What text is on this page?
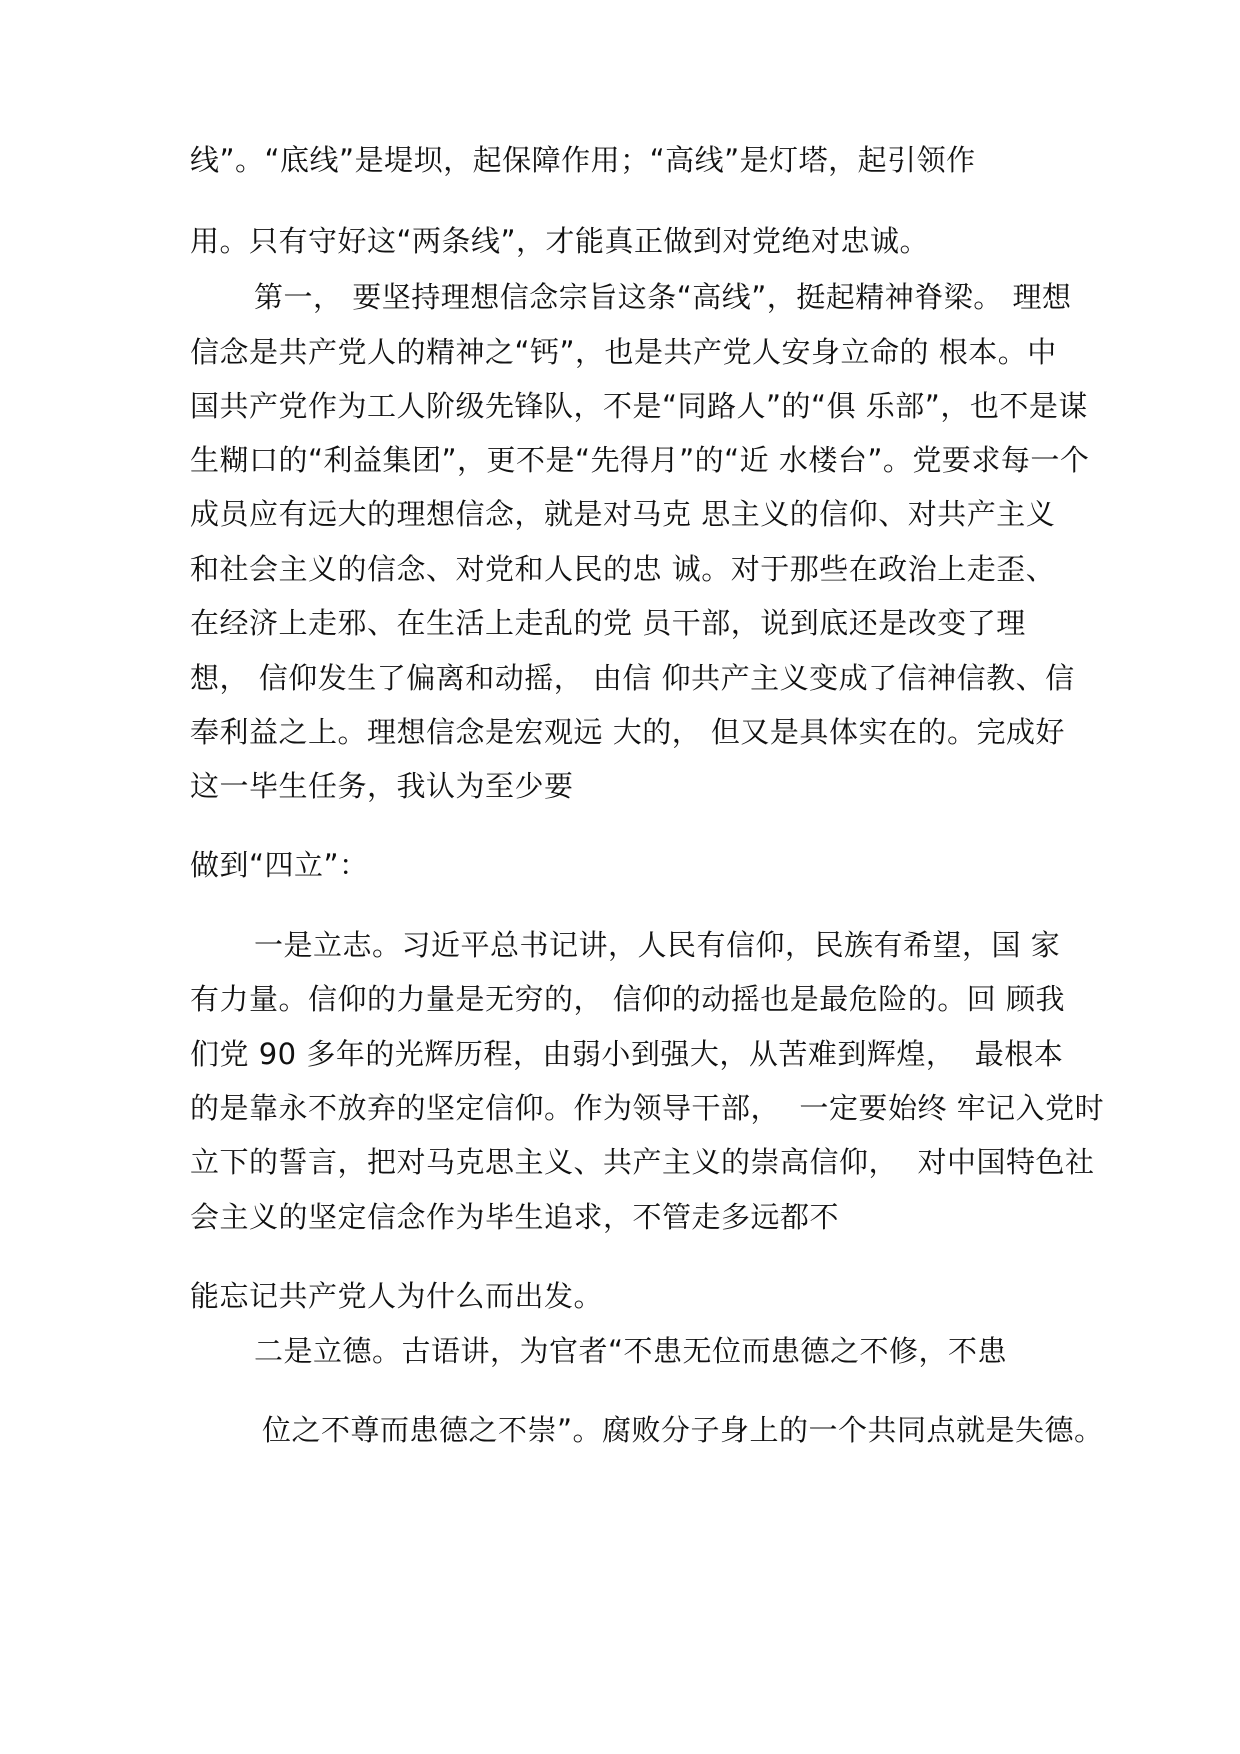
线”。“底线”是堤坝，起保障作用；“高线”是灯塔，起引领作
用。只有守好这“两条线”，才能真正做到对党绝对忠诚。
第一， 要坚持理想信念宗旨这条“高线”，挺起精神脊梁。 理想
信念是共产党人的精神之“钙”，也是共产党人安身立命的 根本。中
国共产党作为工人阶级先锋队，不是“同路人”的“俱 乐部”，也不是谋
生糊口的“利益集团”，更不是“先得月”的“近 水楼台”。党要求每一个
成员应有远大的理想信念，就是对马克 思主义的信仰、对共产主义
和社会主义的信念、对党和人民的忠 诚。对于那些在政治上走歪、
在经济上走邪、在生活上走乱的党 员干部，说到底还是改变了理
想， 信仰发生了偏离和动摇， 由信 仰共产主义变成了信神信教、信
奉利益之上。理想信念是宏观远 大的， 但又是具体实在的。完成好
这一毕生任务，我认为至少要
做到“四立”：
一是立志。习近平总书记讲，人民有信仰，民族有希望，国 家
有力量。信仰的力量是无穷的， 信仰的动摇也是最危险的。回 顾我
们党 90 多年的光辉历程，由弱小到强大，从苦难到辉煌，  最根本
的是靠永不放弃的坚定信仰。作为领导干部，  一定要始终 牢记入党时
立下的誓言，把对马克思主义、共产主义的崇高信仰，  对中国特色社
会主义的坚定信念作为毕生追求，不管走多远都不
能忘记共产党人为什么而出发。
二是立德。古语讲，为官者“不患无位而患德之不修，不患
位之不尊而患德之不崇”。腐败分子身上的一个共同点就是失德。
